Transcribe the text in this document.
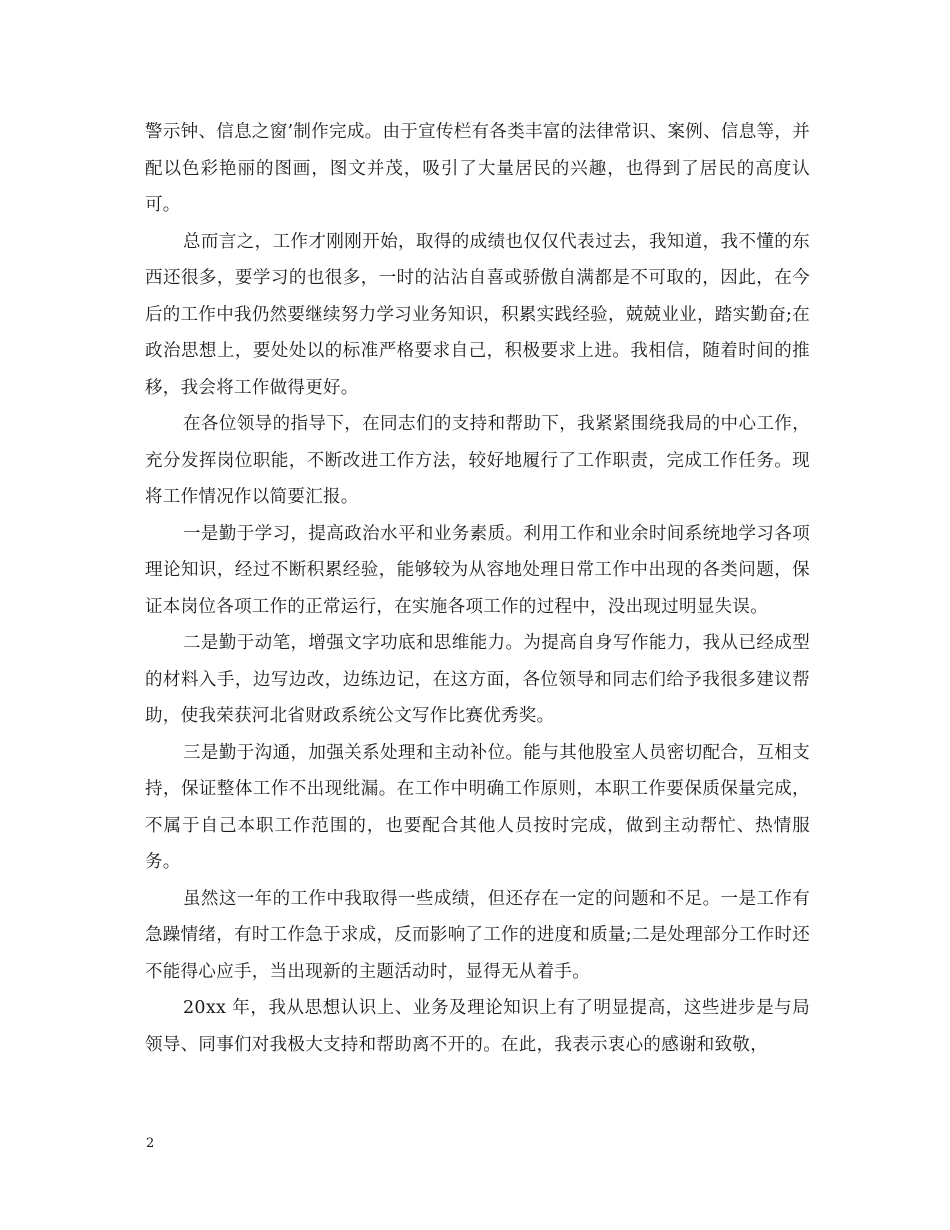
警示钟、信息之窗’制作完成。由于宣传栏有各类丰富的法律常识、案例、信息等，并配以色彩艳丽的图画，图文并茂，吸引了大量居民的兴趣，也得到了居民的高度认可。

总而言之，工作才刚刚开始，取得的成绩也仅仅代表过去，我知道，我不懂的东西还很多，要学习的也很多，一时的沾沾自喜或骄傲自满都是不可取的，因此，在今后的工作中我仍然要继续努力学习业务知识，积累实践经验，兢兢业业，踏实勤奋;在政治思想上，要处处以的标准严格要求自己，积极要求上进。我相信，随着时间的推移，我会将工作做得更好。

在各位领导的指导下，在同志们的支持和帮助下，我紧紧围绕我局的中心工作，充分发挥岗位职能，不断改进工作方法，较好地履行了工作职责，完成工作任务。现将工作情况作以简要汇报。

一是勤于学习，提高政治水平和业务素质。利用工作和业余时间系统地学习各项理论知识，经过不断积累经验，能够较为从容地处理日常工作中出现的各类问题，保证本岗位各项工作的正常运行，在实施各项工作的过程中，没出现过明显失误。

二是勤于动笔，增强文字功底和思维能力。为提高自身写作能力，我从已经成型的材料入手，边写边改，边练边记，在这方面，各位领导和同志们给予我很多建议帮助，使我荣获河北省财政系统公文写作比赛优秀奖。

三是勤于沟通，加强关系处理和主动补位。能与其他股室人员密切配合，互相支持，保证整体工作不出现纰漏。在工作中明确工作原则，本职工作要保质保量完成，不属于自己本职工作范围的，也要配合其他人员按时完成，做到主动帮忙、热情服务。

虽然这一年的工作中我取得一些成绩，但还存在一定的问题和不足。一是工作有急躁情绪，有时工作急于求成，反而影响了工作的进度和质量;二是处理部分工作时还不能得心应手，当出现新的主题活动时，显得无从着手。

20xx 年，我从思想认识上、业务及理论知识上有了明显提高，这些进步是与局领导、同事们对我极大支持和帮助离不开的。在此，我表示衷心的感谢和致敬，

2
